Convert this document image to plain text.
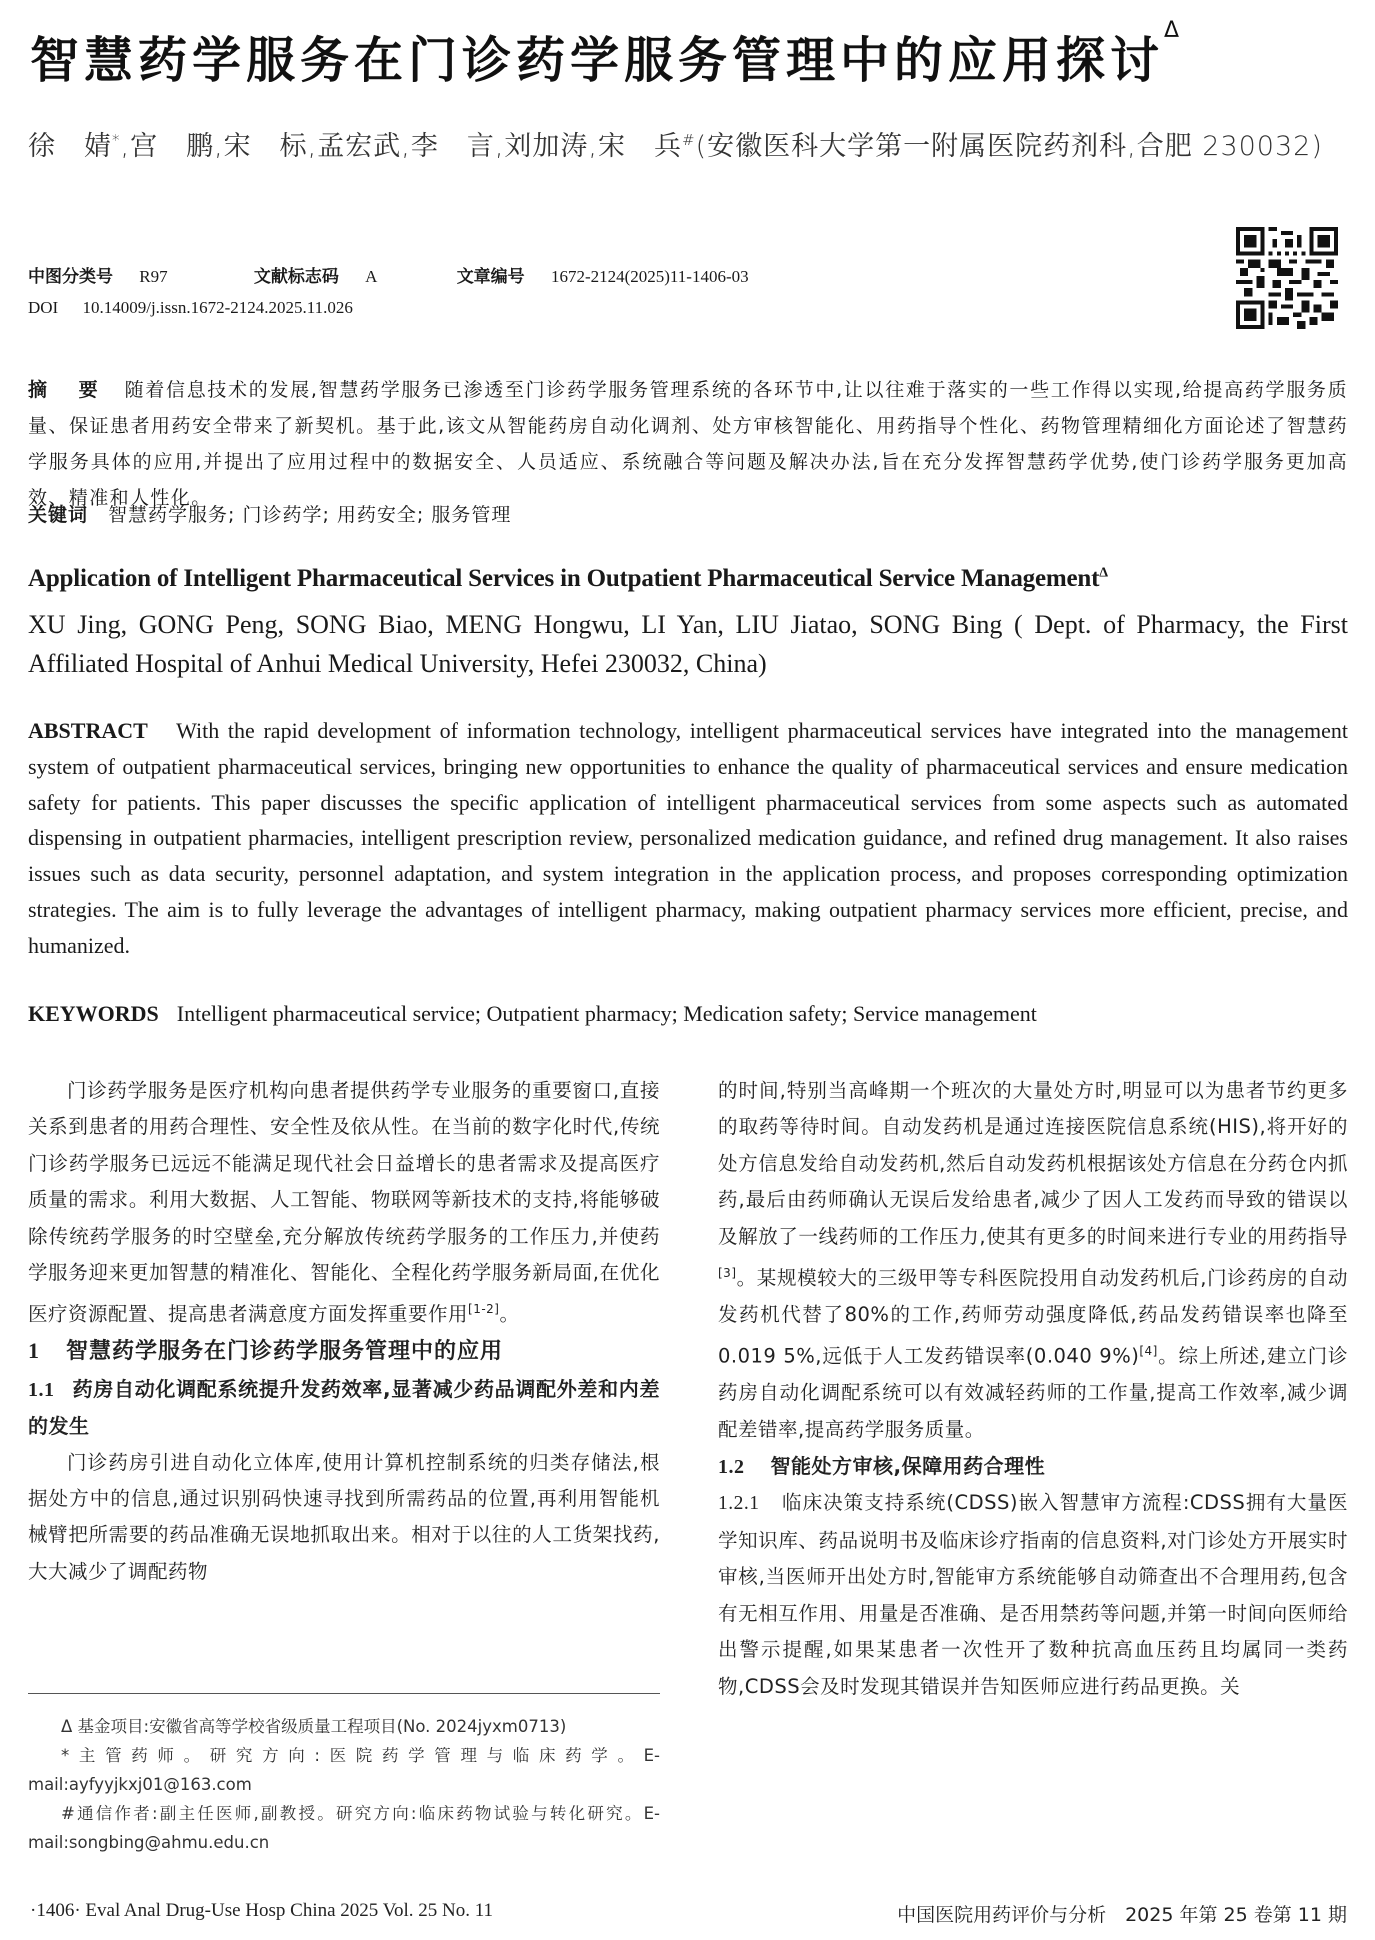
智慧药学服务在门诊药学服务管理中的应用探讨$^\Delta$
徐　婧*,宫　鹏,宋　标,孟宏武,李　言,刘加涛,宋　兵#(安徽医科大学第一附属医院药剂科,合肥 230032)
中图分类号 R97	文献标志码 A	文章编号 1672-2124(2025)11-1406-03
DOI 10.14009/j.issn.1672-2124.2025.11.026
摘　要　 随着信息技术的发展,智慧药学服务已渗透至门诊药学服务管理系统的各环节中,让以往难于落实的一些工作得以实现,给提高药学服务质量、保证患者用药安全带来了新契机。基于此,该文从智能药房自动化调剂、处方审核智能化、用药指导个性化、药物管理精细化方面论述了智慧药学服务具体的应用,并提出了应用过程中的数据安全、人员适应、系统融合等问题及解决办法,旨在充分发挥智慧药学优势,使门诊药学服务更加高效、精准和人性化。
关键词　 智慧药学服务; 门诊药学; 用药安全; 服务管理
Application of Intelligent Pharmaceutical Services in Outpatient Pharmaceutical Service Management$^\Delta$
XU Jing, GONG Peng, SONG Biao, MENG Hongwu, LI Yan, LIU Jiatao, SONG Bing ( Dept. of Pharmacy, the First Affiliated Hospital of Anhui Medical University, Hefei 230032, China)
ABSTRACT With the rapid development of information technology, intelligent pharmaceutical services have integrated into the management system of outpatient pharmaceutical services, bringing new opportunities to enhance the quality of pharmaceutical services and ensure medication safety for patients. This paper discusses the specific application of intelligent pharmaceutical services from some aspects such as automated dispensing in outpatient pharmacies, intelligent prescription review, personalized medication guidance, and refined drug management. It also raises issues such as data security, personnel adaptation, and system integration in the application process, and proposes corresponding optimization strategies. The aim is to fully leverage the advantages of intelligent pharmacy, making outpatient pharmacy services more efficient, precise, and humanized.
KEYWORDS Intelligent pharmaceutical service; Outpatient pharmacy; Medication safety; Service management

门诊药学服务是医疗机构向患者提供药学专业服务的重要窗口,直接关系到患者的用药合理性、安全性及依从性。在当前的数字化时代,传统门诊药学服务已远远不能满足现代社会日益增长的患者需求及提高医疗质量的需求。利用大数据、人工智能、物联网等新技术的支持,将能够破除传统药学服务的时空壁垒,充分解放传统药学服务的工作压力,并使药学服务迎来更加智慧的精准化、智能化、全程化药学服务新局面,在优化医疗资源配置、提高患者满意度方面发挥重要作用[1-2]。

1 智慧药学服务在门诊药学服务管理中的应用

1.1 药房自动化调配系统提升发药效率,显著减少药品调配外差和内差的发生

门诊药房引进自动化立体库,使用计算机控制系统的归类存储法,根据处方中的信息,通过识别码快速寻找到所需药品的位置,再利用智能机械臂把所需要的药品准确无误地抓取出来。相对于以往的人工货架找药,大大减少了调配药物

Δ 基金项目:安徽省高等学校省级质量工程项目(No. 2024jyxm0713)

*主管药师。研究方向:医院药学管理与临床药学。E-mail:ayfyyjkxj01@163.com

#通信作者:副主任医师,副教授。研究方向:临床药物试验与转化研究。E-mail:songbing@ahmu.edu.cn

的时间,特别当高峰期一个班次的大量处方时,明显可以为患者节约更多的取药等待时间。自动发药机是通过连接医院信息系统(HIS),将开好的处方信息发给自动发药机,然后自动发药机根据该处方信息在分药仓内抓药,最后由药师确认无误后发给患者,减少了因人工发药而导致的错误以及解放了一线药师的工作压力,使其有更多的时间来进行专业的用药指导[3]。某规模较大的三级甲等专科医院投用自动发药机后,门诊药房的自动发药机代替了80%的工作,药师劳动强度降低,药品发药错误率也降至0.019 5%,远低于人工发药错误率(0.040 9%)[4]。综上所述,建立门诊药房自动化调配系统可以有效减轻药师的工作量,提高工作效率,减少调配差错率,提高药学服务质量。

1.2 智能处方审核,保障用药合理性

1.2.1 临床决策支持系统(CDSS)嵌入智慧审方流程:CDSS拥有大量医学知识库、药品说明书及临床诊疗指南的信息资料,对门诊处方开展实时审核,当医师开出处方时,智能审方系统能够自动筛查出不合理用药,包含有无相互作用、用量是否准确、是否用禁药等问题,并第一时间向医师给出警示提醒,如果某患者一次性开了数种抗高血压药且均属同一类药物,CDSS会及时发现其错误并告知医师应进行药品更换。关

·1406· Eval Anal Drug-Use Hosp China 2025 Vol. 25 No. 11	中国医院用药评价与分析　2025 年第 25 卷第 11 期
